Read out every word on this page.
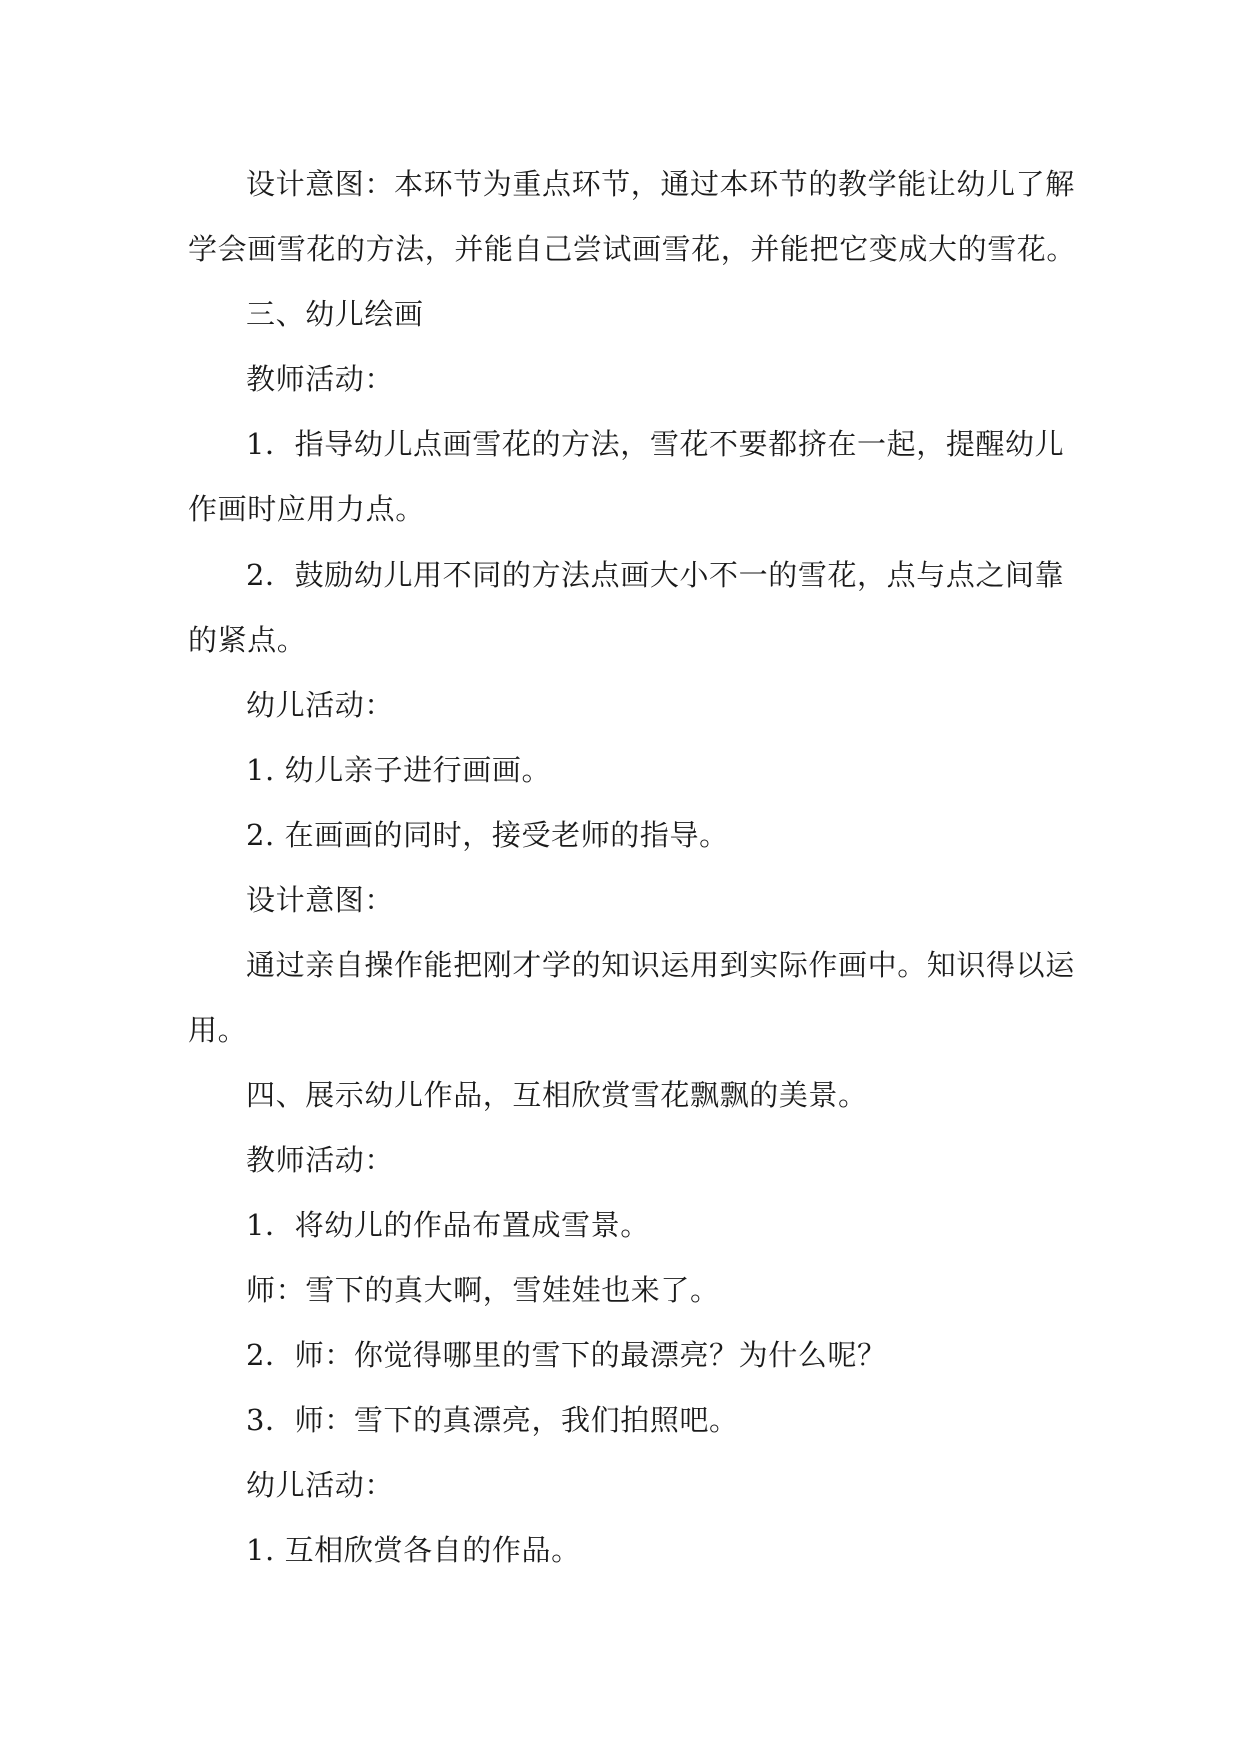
设计意图：本环节为重点环节，通过本环节的教学能让幼儿了解
学会画雪花的方法，并能自己尝试画雪花，并能把它变成大的雪花。
三、幼儿绘画
教师活动：
1．指导幼儿点画雪花的方法，雪花不要都挤在一起，提醒幼儿
作画时应用力点。
2．鼓励幼儿用不同的方法点画大小不一的雪花，点与点之间靠
的紧点。
幼儿活动：
1. 幼儿亲子进行画画。
2. 在画画的同时，接受老师的指导。
设计意图：
通过亲自操作能把刚才学的知识运用到实际作画中。知识得以运
用。
四、展示幼儿作品，互相欣赏雪花飘飘的美景。
教师活动：
1．将幼儿的作品布置成雪景。
师：雪下的真大啊，雪娃娃也来了。
2．师：你觉得哪里的雪下的最漂亮？为什么呢？
3．师：雪下的真漂亮，我们拍照吧。
幼儿活动：
1. 互相欣赏各自的作品。
